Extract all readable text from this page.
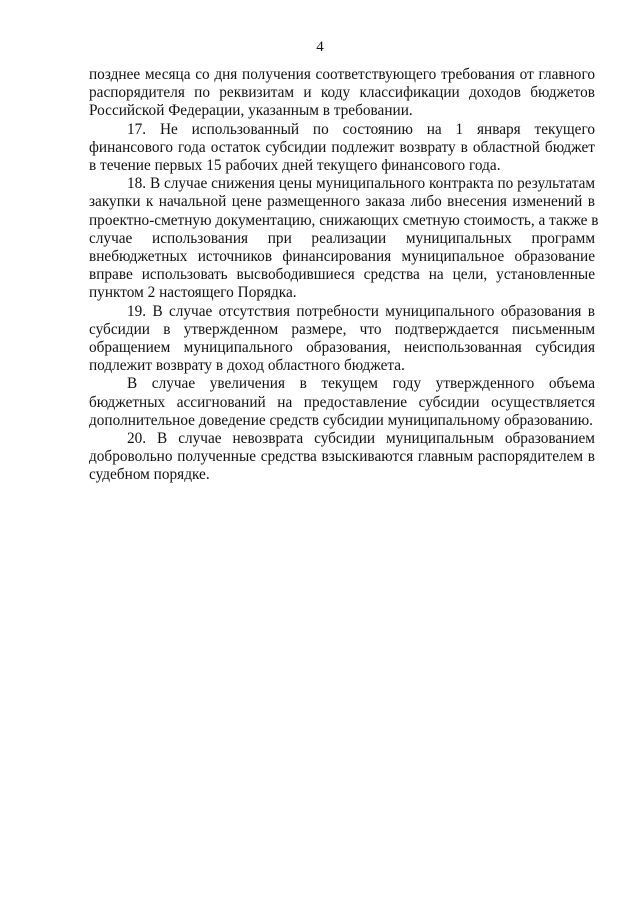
4
позднее месяца со дня получения соответствующего требования от главного
распорядителя по реквизитам и коду классификации доходов бюджетов
Российской Федерации, указанным в требовании.
17. Не использованный по состоянию на 1 января текущего
финансового года остаток субсидии подлежит возврату в областной бюджет
в течение первых 15 рабочих дней текущего финансового года.
18. В случае снижения цены муниципального контракта по результатам
закупки к начальной цене размещенного заказа либо внесения изменений в
проектно-сметную документацию, снижающих сметную стоимость, а также в
случае использования при реализации муниципальных программ
внебюджетных источников финансирования муниципальное образование
вправе использовать высвободившиеся средства на цели, установленные
пунктом 2 настоящего Порядка.
19. В случае отсутствия потребности муниципального образования в
субсидии в утвержденном размере, что подтверждается письменным
обращением муниципального образования, неиспользованная субсидия
подлежит возврату в доход областного бюджета.
В случае увеличения в текущем году утвержденного объема
бюджетных ассигнований на предоставление субсидии осуществляется
дополнительное доведение средств субсидии муниципальному образованию.
20. В случае невозврата субсидии муниципальным образованием
добровольно полученные средства взыскиваются главным распорядителем в
судебном порядке.
